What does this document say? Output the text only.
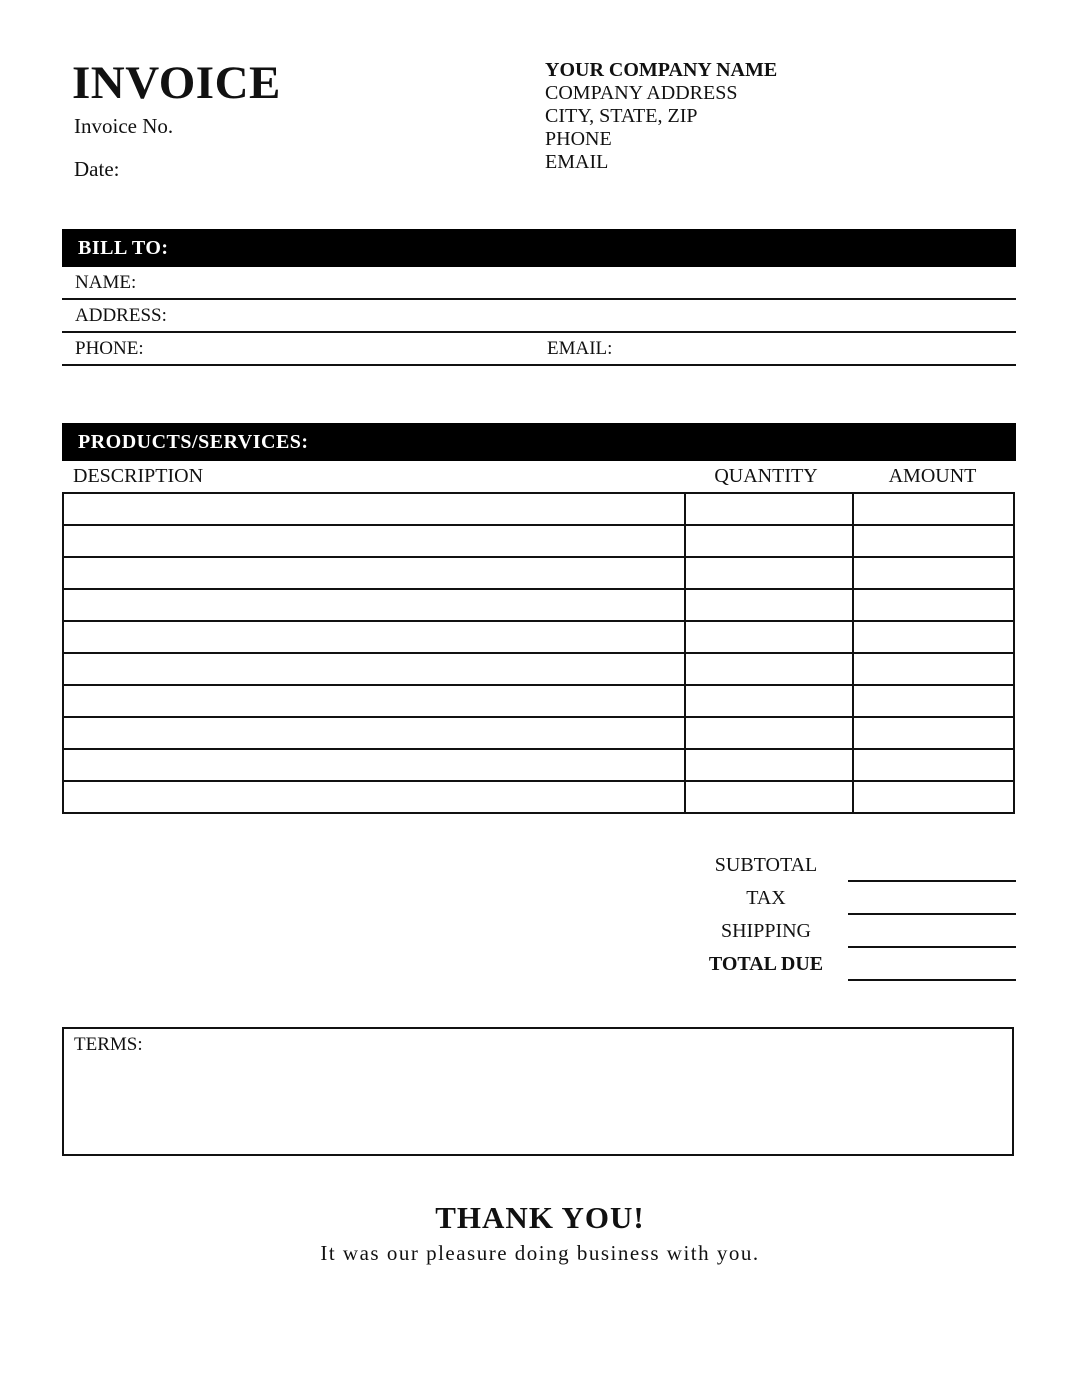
INVOICE
Invoice No.
Date:
YOUR COMPANY NAME
COMPANY ADDRESS
CITY, STATE, ZIP
PHONE
EMAIL
BILL TO:
NAME:
ADDRESS:
PHONE:	EMAIL:
PRODUCTS/SERVICES:
DESCRIPTION	QUANTITY	AMOUNT
SUBTOTAL
TAX
SHIPPING
TOTAL DUE
TERMS:
THANK YOU!
It was our pleasure doing business with you.
